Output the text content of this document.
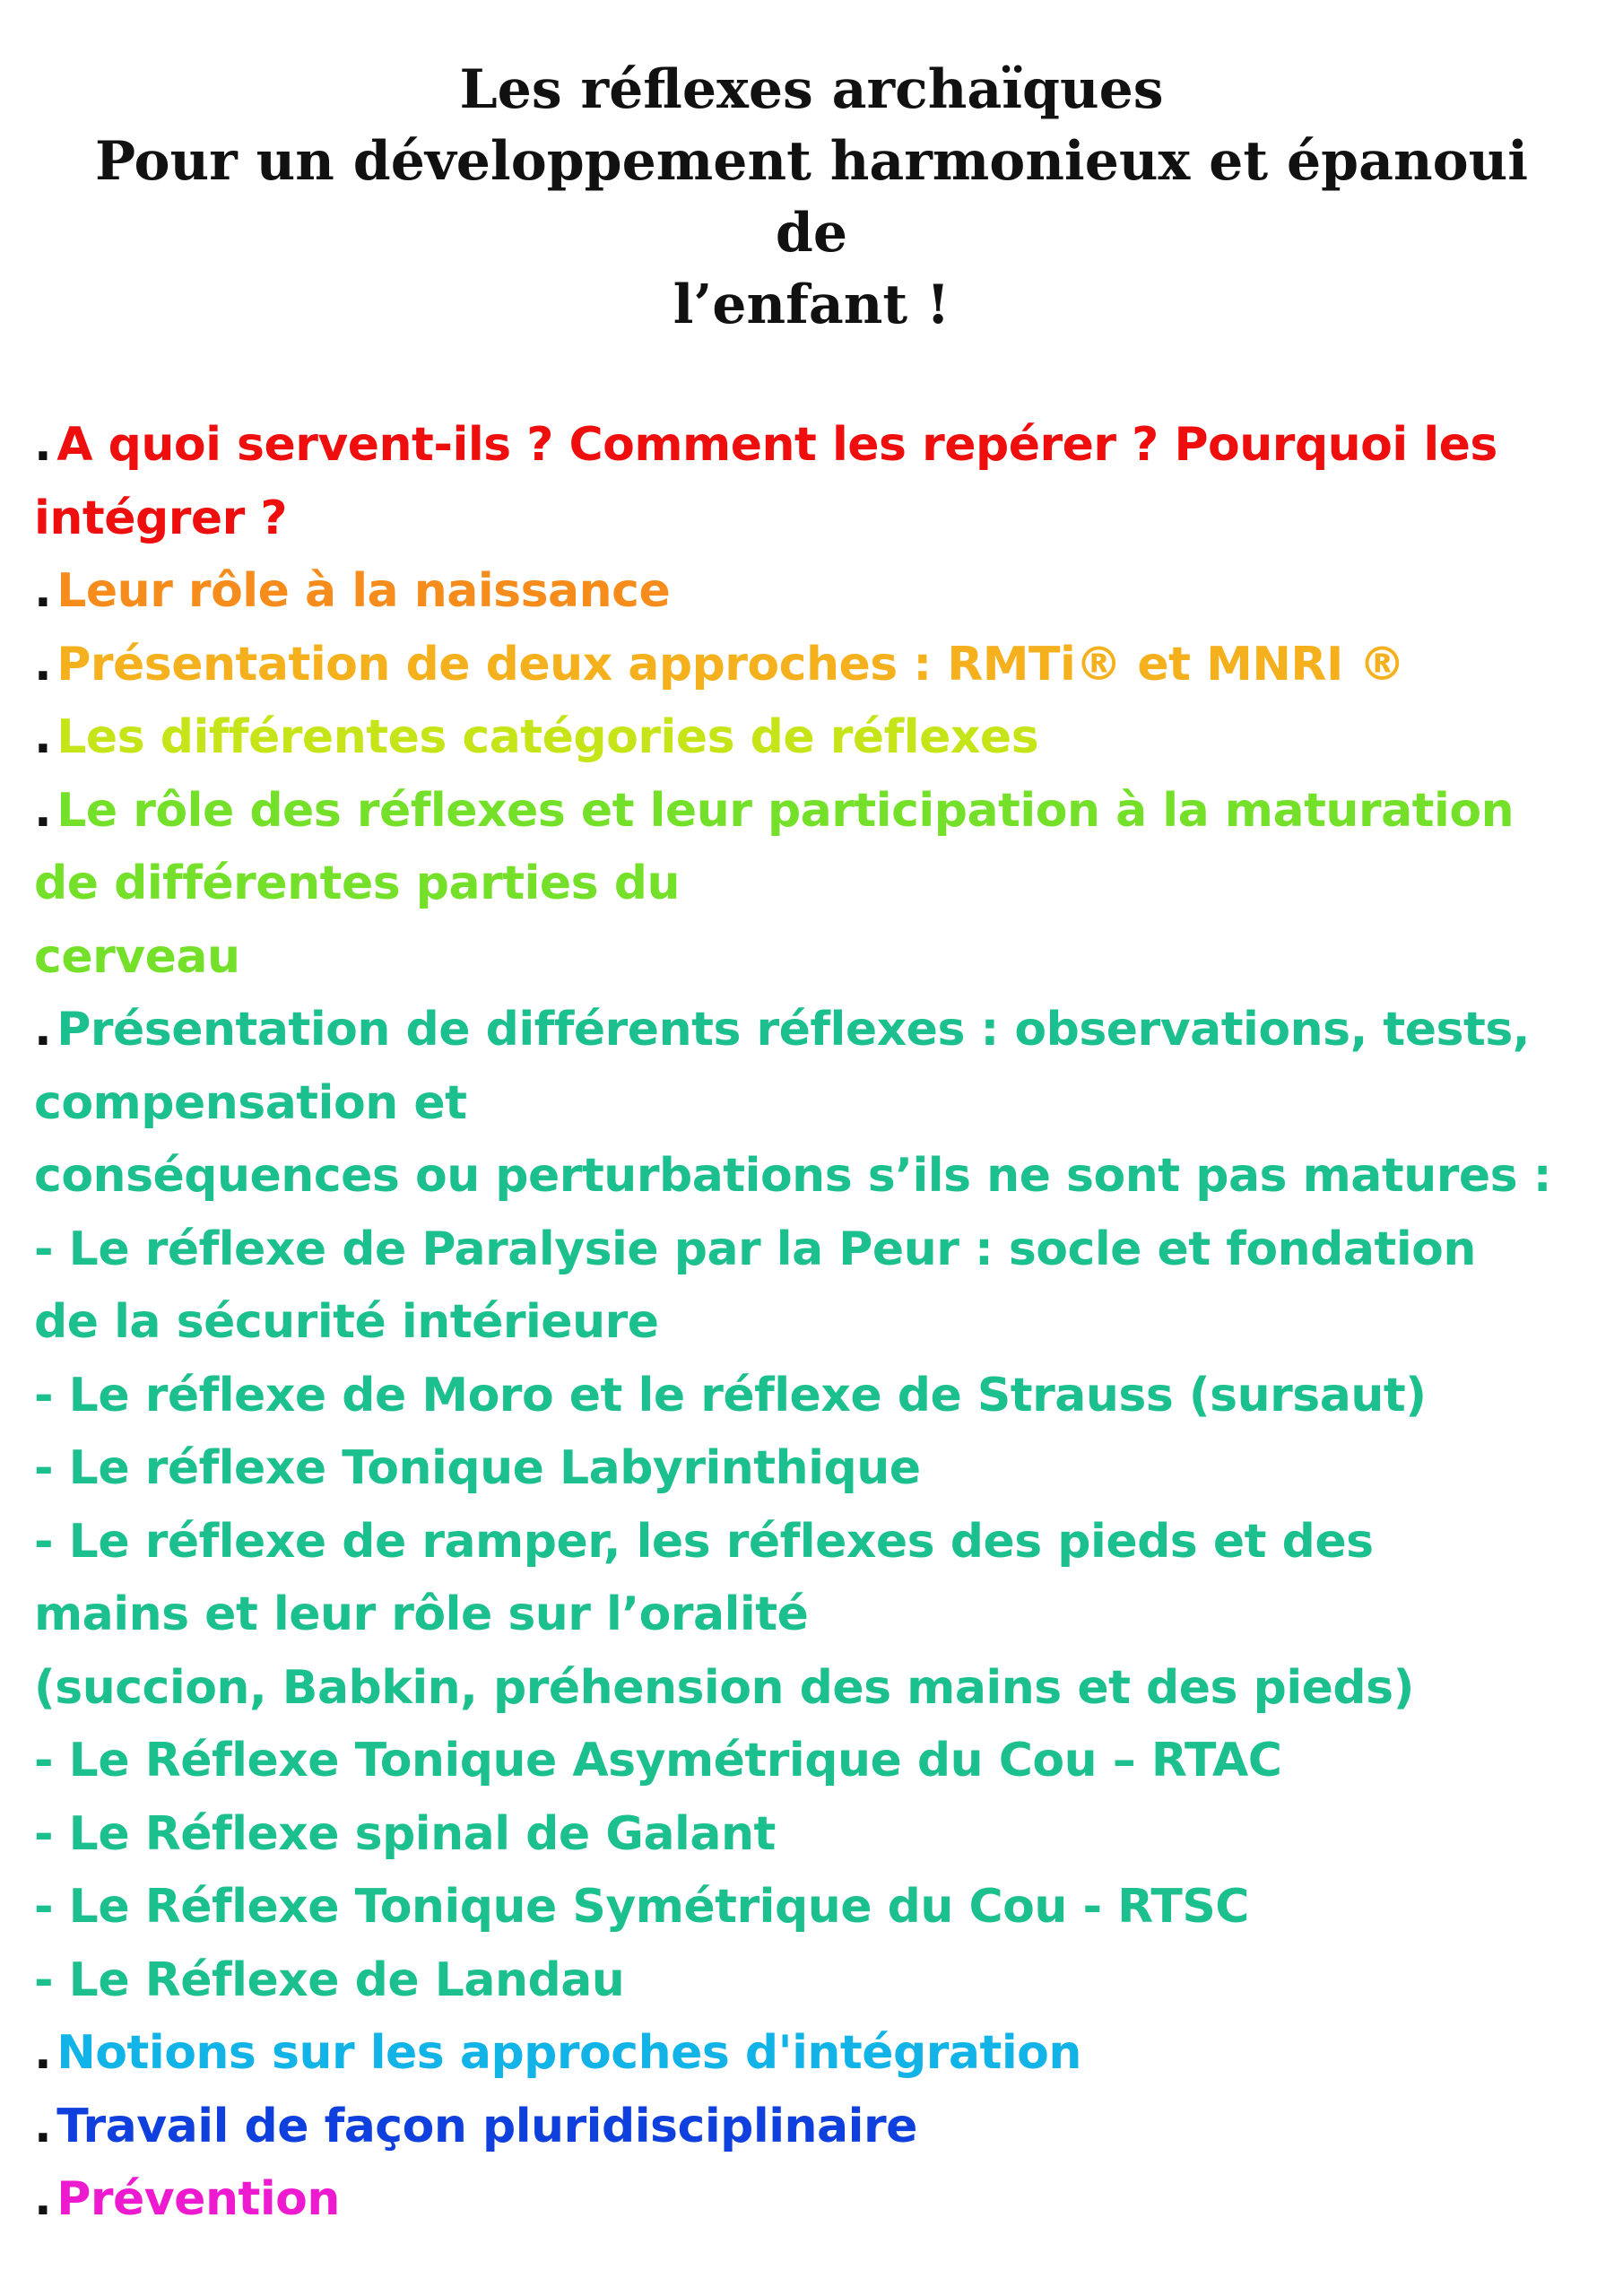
Les réflexes archaïques
Pour un développement harmonieux et épanoui de
l’enfant !
. A quoi servent-ils ? Comment les repérer ? Pourquoi les
intégrer ?
. Leur rôle à la naissance
. Présentation de deux approches : RMTi® et MNRI ®
. Les différentes catégories de réflexes
. Le rôle des réflexes et leur participation à la maturation
de différentes parties du
cerveau
. Présentation de différents réflexes : observations, tests,
compensation et
conséquences ou perturbations s’ils ne sont pas matures :
- Le réflexe de Paralysie par la Peur : socle et fondation
de la sécurité intérieure
- Le réflexe de Moro et le réflexe de Strauss (sursaut)
- Le réflexe Tonique Labyrinthique
- Le réflexe de ramper, les réflexes des pieds et des
mains et leur rôle sur l’oralité
(succion, Babkin, préhension des mains et des pieds)
- Le Réflexe Tonique Asymétrique du Cou – RTAC
- Le Réflexe spinal de Galant
- Le Réflexe Tonique Symétrique du Cou - RTSC
- Le Réflexe de Landau
. Notions sur les approches d'intégration
. Travail de façon pluridisciplinaire
. Prévention
